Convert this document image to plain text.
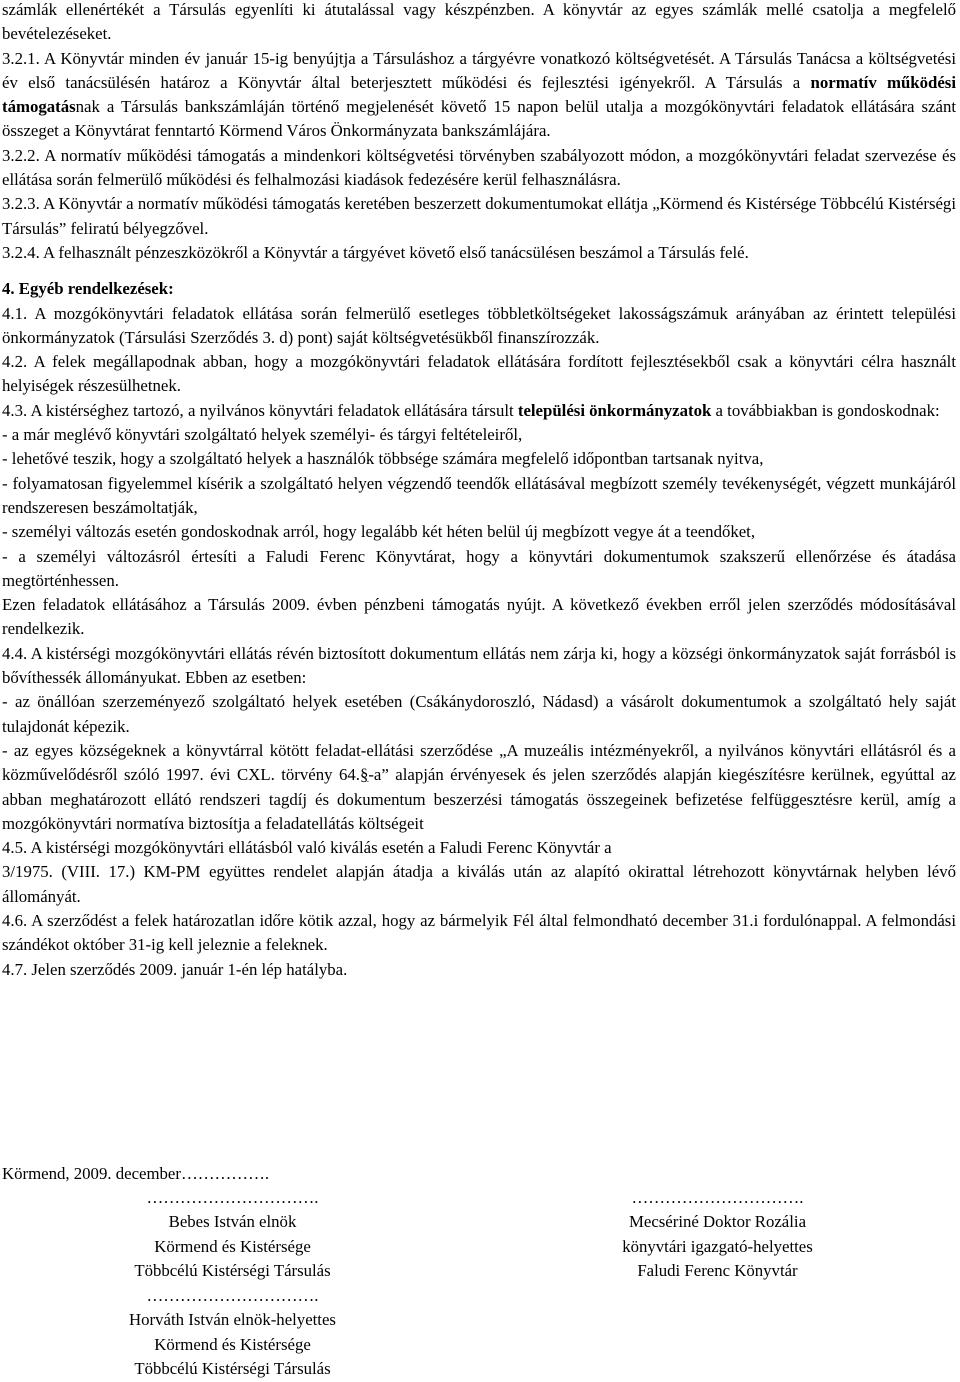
számlák ellenértékét a Társulás egyenlíti ki átutalással vagy készpénzben. A könyvtár az egyes számlák mellé csatolja a megfelelő bevételezéseket.

3.2.1. A Könyvtár minden év január 15-ig benyújtja a Társuláshoz a tárgyévre vonatkozó költségvetését. A Társulás Tanácsa a költségvetési év első tanácsülésén határoz a Könyvtár által beterjesztett működési és fejlesztési igényekről. A Társulás a normatív működési támogatásnak a Társulás bankszámláján történő megjelenését követő 15 napon belül utalja a mozgókönyvtári feladatok ellátására szánt összeget a Könyvtárat fenntartó Körmend Város Önkormányzata bankszámlájára.

3.2.2. A normatív működési támogatás a mindenkori költségvetési törvényben szabályozott módon, a mozgókönyvtári feladat szervezése és ellátása során felmerülő működési és felhalmozási kiadások fedezésére kerül felhasználásra.

3.2.3. A Könyvtár a normatív működési támogatás keretében beszerzett dokumentumokat ellátja „Körmend és Kistérsége Többcélú Kistérségi Társulás” feliratú bélyegzővel.

3.2.4. A felhasznált pénzeszközökről a Könyvtár a tárgyévet követő első tanácsülésen beszámol a Társulás felé.

4. Egyéb rendelkezések:

4.1. A mozgókönyvtári feladatok ellátása során felmerülő esetleges többletköltségeket lakosságszámuk arányában az érintett települési önkormányzatok (Társulási Szerződés 3. d) pont) saját költségvetésükből finanszírozzák.

4.2. A felek megállapodnak abban, hogy a mozgókönyvtári feladatok ellátására fordított fejlesztésekből csak a könyvtári célra használt helyiségek részesülhetnek.

4.3. A kistérséghez tartozó, a nyilvános könyvtári feladatok ellátására társult települési önkormányzatok a továbbiakban is gondoskodnak:

- a már meglévő könyvtári szolgáltató helyek személyi- és tárgyi feltételeiről,

- lehetővé teszik, hogy a szolgáltató helyek a használók többsége számára megfelelő időpontban tartsanak nyitva,

- folyamatosan figyelemmel kísérik a szolgáltató helyen végzendő teendők ellátásával megbízott személy tevékenységét, végzett munkájáról rendszeresen beszámoltatják,

- személyi változás esetén gondoskodnak arról, hogy legalább két héten belül új megbízott vegye át a teendőket,

- a személyi változásról értesíti a Faludi Ferenc Könyvtárat, hogy a könyvtári dokumentumok szakszerű ellenőrzése és átadása megtörténhessen.

Ezen feladatok ellátásához a Társulás 2009. évben pénzbeni támogatás nyújt. A következő években erről jelen szerződés módosításával rendelkezik.

4.4. A kistérségi mozgókönyvtári ellátás révén biztosított dokumentum ellátás nem zárja ki, hogy a községi önkormányzatok saját forrásból is bővíthessék állományukat. Ebben az esetben:

- az önállóan szerzeményező szolgáltató helyek esetében (Csákánydoroszló, Nádasd) a vásárolt dokumentumok a szolgáltató hely saját tulajdonát képezik.

- az egyes községeknek a könyvtárral kötött feladat-ellátási szerződése „A muzeális intézményekről, a nyilvános könyvtári ellátásról és a közművelődésről szóló 1997. évi CXL. törvény 64.§-a” alapján érvényesek és jelen szerződés alapján kiegészítésre kerülnek, egyúttal az abban meghatározott ellátó rendszeri tagdíj és dokumentum beszerzési támogatás összegeinek befizetése felfüggesztésre kerül, amíg a mozgókönyvtári normatíva biztosítja a feladatellátás költségeit

4.5. A kistérségi mozgókönyvtári ellátásból való kiválás esetén a Faludi Ferenc Könyvtár a

3/1975. (VIII. 17.) KM-PM együttes rendelet alapján átadja a kiválás után az alapító okirattal létrehozott könyvtárnak helyben lévő állományát.

4.6. A szerződést a felek határozatlan időre kötik azzal, hogy az bármelyik Fél által felmondható december 31.i fordulónappal. A felmondási szándékot október 31-ig kell jeleznie a feleknek.

4.7. Jelen szerződés 2009. január 1-én lép hatályba.

Körmend, 2009. december…………….

………………………….

Bebes István elnök

Körmend és Kistérsége

Többcélú Kistérségi Társulás

………………………….

Mecsériné Doktor Rozália

könyvtári igazgató-helyettes

Faludi Ferenc Könyvtár

………………………….

Horváth István elnök-helyettes

Körmend és Kistérsége

Többcélú Kistérségi Társulás
